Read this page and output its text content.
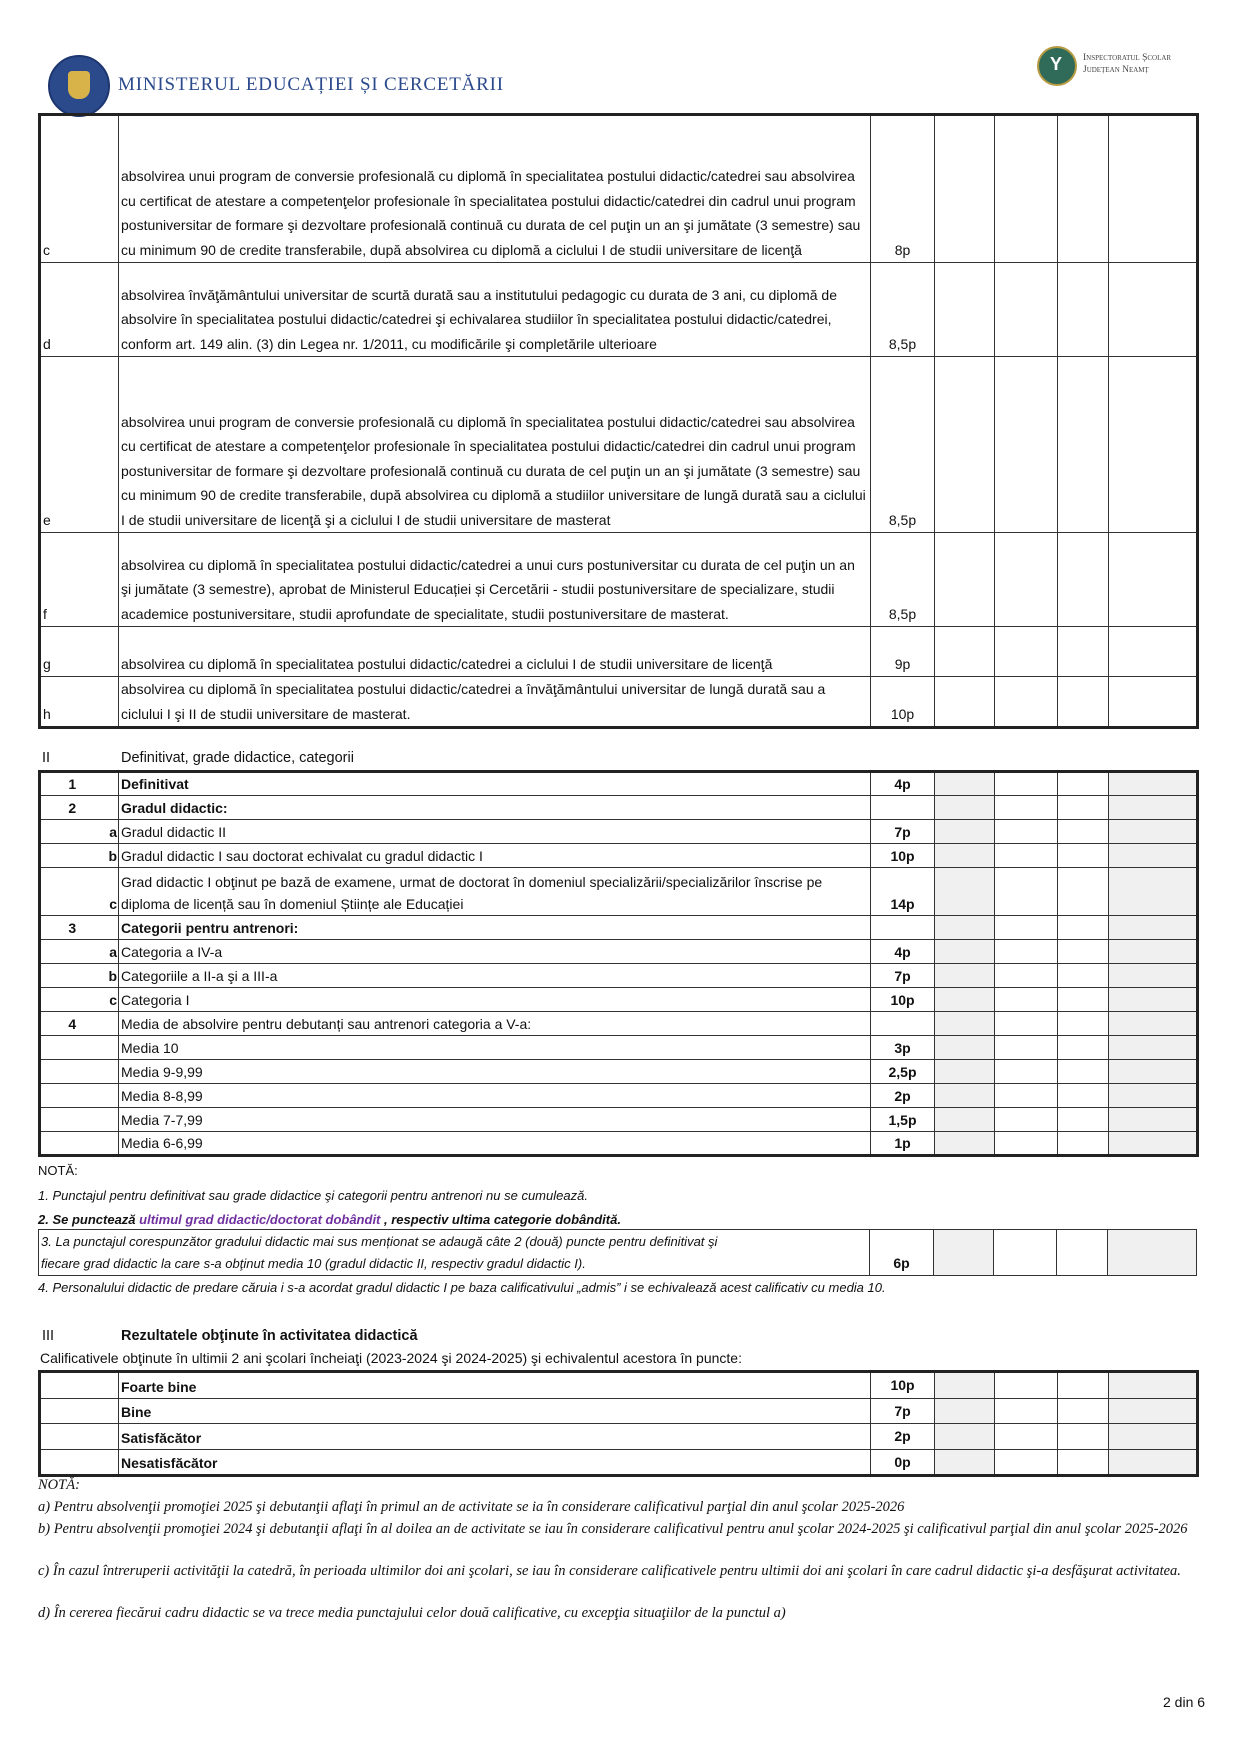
MINISTERUL EDUCAȚIEI ȘI CERCETĂRII
Y
Inspectoratul Școlar
Județean Neamț
c	absolvirea unui program de conversie profesională cu diplomă în specialitatea postului didactic/catedrei sau absolvirea cu certificat de atestare a competenţelor profesionale în specialitatea postului didactic/catedrei din cadrul unui program postuniversitar de formare şi dezvoltare profesională continuă cu durata de cel puţin un an şi jumătate (3 semestre) sau cu minimum 90 de credite transferabile, după absolvirea cu diplomă a ciclului I de studii universitare de licenţă	8p				
d	absolvirea învăţământului universitar de scurtă durată sau a institutului pedagogic cu durata de 3 ani, cu diplomă de absolvire în specialitatea postului didactic/catedrei şi echivalarea studiilor în specialitatea postului didactic/catedrei, conform art. 149 alin. (3) din Legea nr. 1/2011, cu modificările şi completările ulterioare	8,5p				
e	absolvirea unui program de conversie profesională cu diplomă în specialitatea postului didactic/catedrei sau absolvirea cu certificat de atestare a competenţelor profesionale în specialitatea postului didactic/catedrei din cadrul unui program postuniversitar de formare şi dezvoltare profesională continuă cu durata de cel puţin un an şi jumătate (3 semestre) sau cu minimum 90 de credite transferabile, după absolvirea cu diplomă a studiilor universitare de lungă durată sau a ciclului I de studii universitare de licenţă şi a ciclului I de studii universitare de masterat	8,5p				
f	absolvirea cu diplomă în specialitatea postului didactic/catedrei a unui curs postuniversitar cu durata de cel puţin un an şi jumătate (3 semestre), aprobat de Ministerul Educației și Cercetării - studii postuniversitare de specializare, studii academice postuniversitare, studii aprofundate de specialitate, studii postuniversitare de masterat.	8,5p				
g	absolvirea cu diplomă în specialitatea postului didactic/catedrei a ciclului I de studii universitare de licenţă	9p				
h	absolvirea cu diplomă în specialitatea postului didactic/catedrei a învăţământului universitar de lungă durată sau a ciclului I şi II de studii universitare de masterat.	10p				
II	Definitivat, grade didactice, categorii
1		Definitivat	4p				
2		Gradul didactic:					
	a	Gradul didactic II	7p				
	b	Gradul didactic I sau doctorat echivalat cu gradul didactic I	10p				
	c	Grad didactic I obţinut pe bază de examene, urmat de doctorat în domeniul specializării/specializărilor înscrise pe diploma de licență sau în domeniul Științe ale Educației	14p				
3		Categorii pentru antrenori:					
	a	Categoria a IV-a	4p				
	b	Categoriile a II-a şi a III-a	7p				
	c	Categoria I	10p				
4		Media de absolvire pentru debutanți sau antrenori categoria a V-a:					
		Media 10	3p				
		Media 9-9,99	2,5p				
		Media 8-8,99	2p				
		Media 7-7,99	1,5p				
		Media 6-6,99	1p				
NOTĂ:
1. Punctajul pentru definitivat sau grade didactice şi categorii pentru antrenori nu se cumulează.
2. Se punctează ultimul grad didactic/doctorat dobândit , respectiv ultima categorie dobândită.
3. La punctajul corespunzător gradului didactic mai sus menționat se adaugă câte 2 (două) puncte pentru definitivat şi
fiecare grad didactic la care s-a obţinut media 10 (gradul didactic II, respectiv gradul didactic I).	6p				
4. Personalului didactic de predare căruia i s-a acordat gradul didactic I pe baza calificativului „admis” i se echivalează acest calificativ cu media 10.
III	Rezultatele obţinute în activitatea didactică
Calificativele obţinute în ultimii 2 ani şcolari încheiaţi (2023-2024 şi 2024-2025) şi echivalentul acestora în puncte:
	Foarte bine	10p				
	Bine	7p				
	Satisfăcător	2p				
	Nesatisfăcător	0p				
NOTĂ:
a) Pentru absolvenţii promoţiei 2025 şi debutanţii aflaţi în primul an de activitate se ia în considerare calificativul parţial din anul şcolar 2025-2026
b) Pentru absolvenţii promoţiei 2024 şi debutanţii aflaţi în al doilea an de activitate se iau în considerare calificativul pentru anul şcolar 2024-2025 şi calificativul parţial din anul şcolar 2025-2026
c) În cazul întreruperii activităţii la catedră, în perioada ultimilor doi ani şcolari, se iau în considerare calificativele pentru ultimii doi ani şcolari în care cadrul didactic şi-a desfăşurat activitatea.
d) În cererea fiecărui cadru didactic se va trece media punctajului celor două calificative, cu excepţia situaţiilor de la punctul a)
2 din 6
